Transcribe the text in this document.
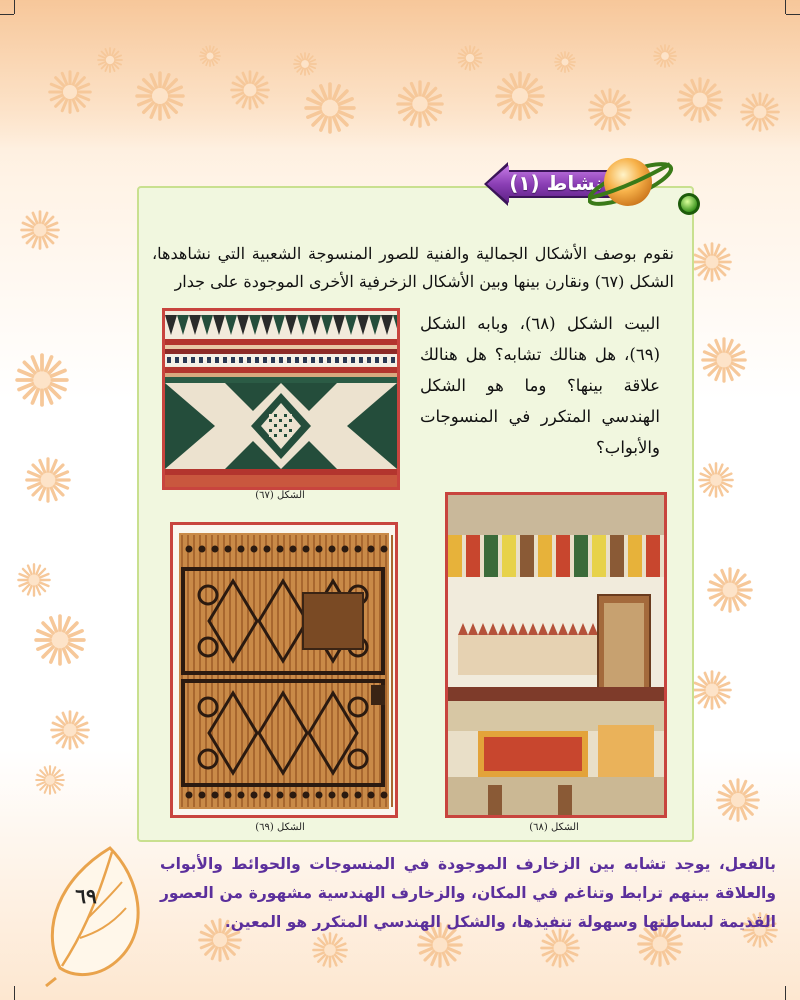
نشاط (١)
نقوم بوصف الأشكال الجمالية والفنية للصور المنسوجة الشعبية التي نشاهدها، الشكل (٦٧) ونقارن بينها وبين الأشكال الزخرفية الأخرى الموجودة على جدار
البيت الشكل (٦٨)، وبابه الشكل (٦٩)، هل هنالك تشابه؟ هل هنالك علاقة بينها؟ وما هو الشكل الهندسي المتكرر في المنسوجات والأبواب؟
الشكل (٦٧)
الشكل (٦٩)	الشكل (٦٨)
بالفعل، يوجد تشابه بين الزخارف الموجودة في المنسوجات والحوائط والأبواب والعلاقة بينهم ترابط وتناغم في المكان، والزخارف الهندسية مشهورة من العصور القديمة لبساطتها وسهولة تنفيذها، والشكل الهندسي المتكرر هو المعين.
٦٩
